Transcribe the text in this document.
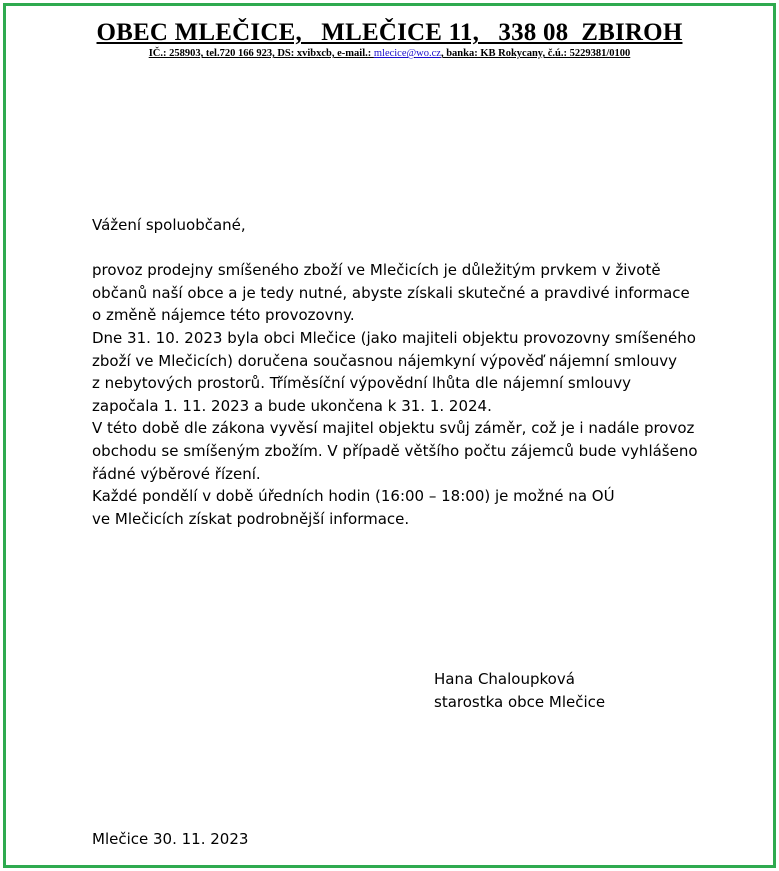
OBEC MLEČICE,   MLEČICE 11,   338 08  ZBIROH
IČ.: 258903, tel.720 166 923, DS: xvibxcb, e-mail.: mlecice@wo.cz, banka: KB Rokycany, č.ú.: 5229381/0100

Vážení spoluobčané,

provoz prodejny smíšeného zboží ve Mlečicích je důležitým prvkem v životě

občanů naší obce a je tedy nutné, abyste získali skutečné a pravdivé informace

o změně nájemce této provozovny.

Dne 31. 10. 2023 byla obci Mlečice (jako majiteli objektu provozovny smíšeného

zboží ve Mlečicích) doručena současnou nájemkyní výpověď nájemní smlouvy

z nebytových prostorů. Tříměsíční výpovědní lhůta dle nájemní smlouvy

započala 1. 11. 2023 a bude ukončena k 31. 1. 2024.

V této době dle zákona vyvěsí majitel objektu svůj záměr, což je i nadále provoz

obchodu se smíšeným zbožím. V případě většího počtu zájemců bude vyhlášeno

řádné výběrové řízení.

Každé pondělí v době úředních hodin (16:00 – 18:00) je možné na OÚ

ve Mlečicích získat podrobnější informace.

Hana Chaloupková
starostka obce Mlečice
Mlečice 30. 11. 2023
